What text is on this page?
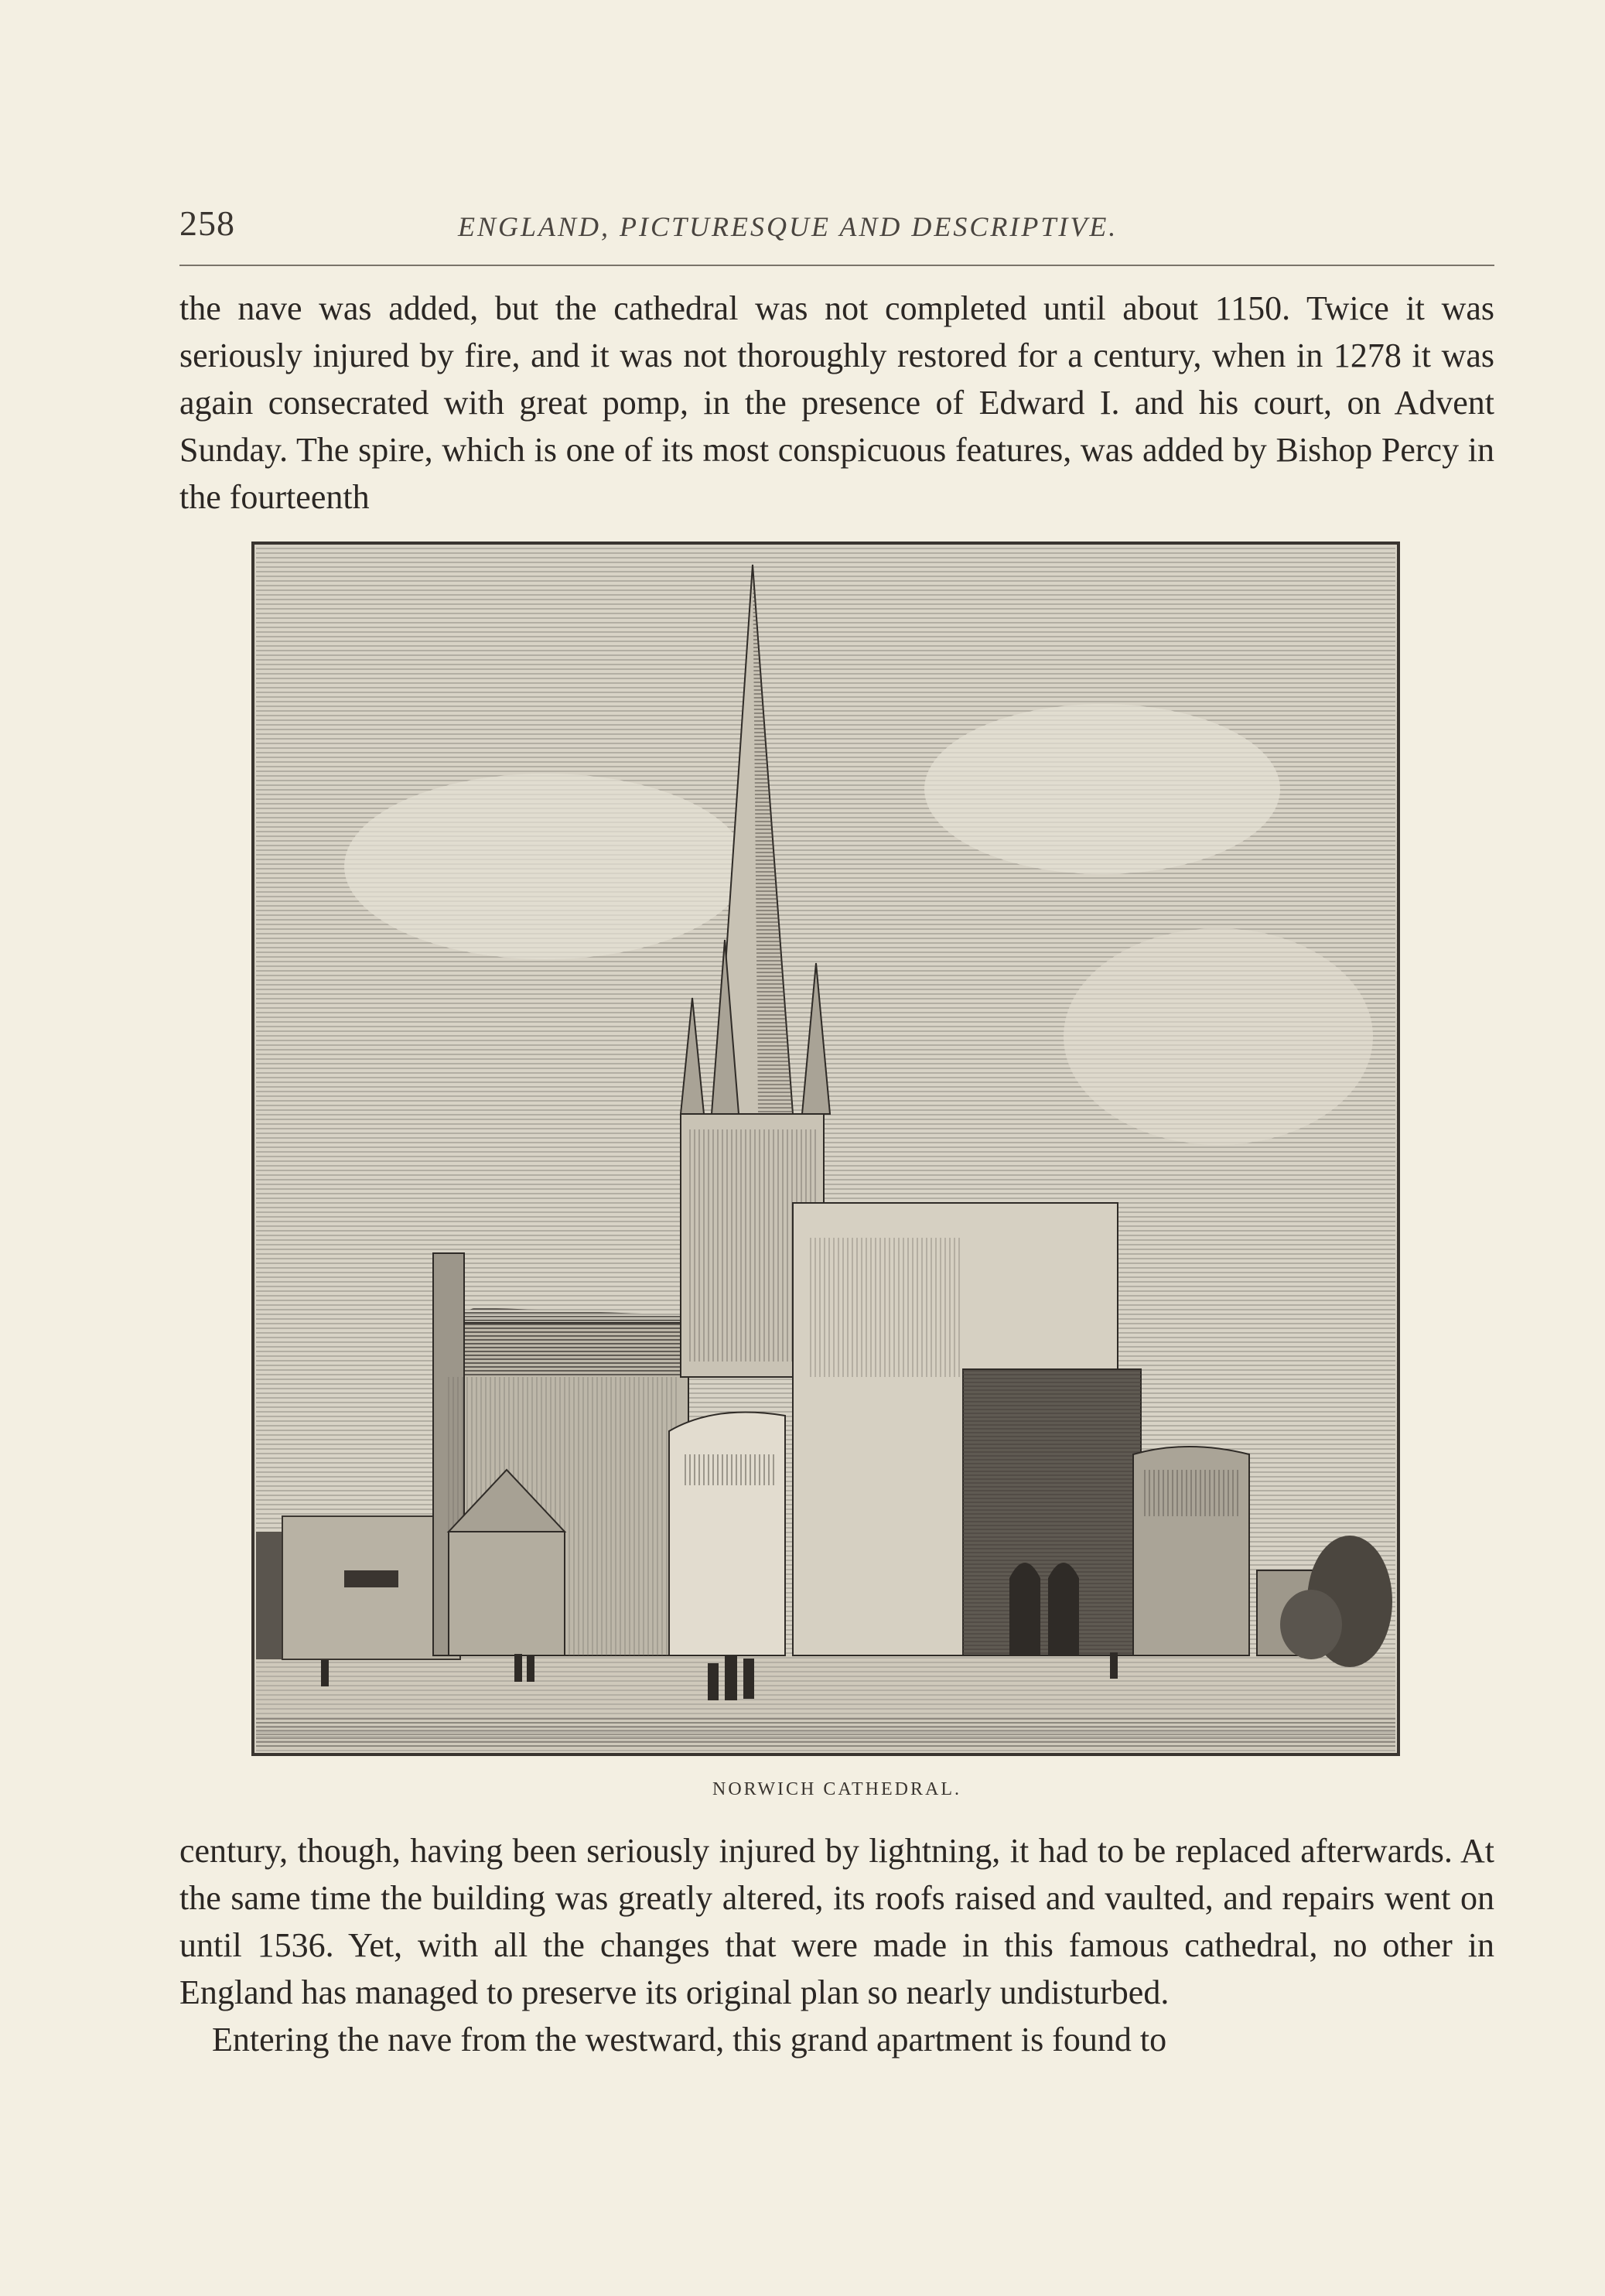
258	ENGLAND, PICTURESQUE AND DESCRIPTIVE.

the nave was added, but the cathedral was not completed until about 1150. Twice it was seriously injured by fire, and it was not thoroughly restored for a century, when in 1278 it was again consecrated with great pomp, in the presence of Edward I. and his court, on Advent Sunday. The spire, which is one of its most conspicuous features, was added by Bishop Percy in the fourteenth

NORWICH CATHEDRAL.

century, though, having been seriously injured by lightning, it had to be replaced afterwards. At the same time the building was greatly altered, its roofs raised and vaulted, and repairs went on until 1536. Yet, with all the changes that were made in this famous cathedral, no other in England has managed to preserve its original plan so nearly undisturbed.

Entering the nave from the westward, this grand apartment is found to
